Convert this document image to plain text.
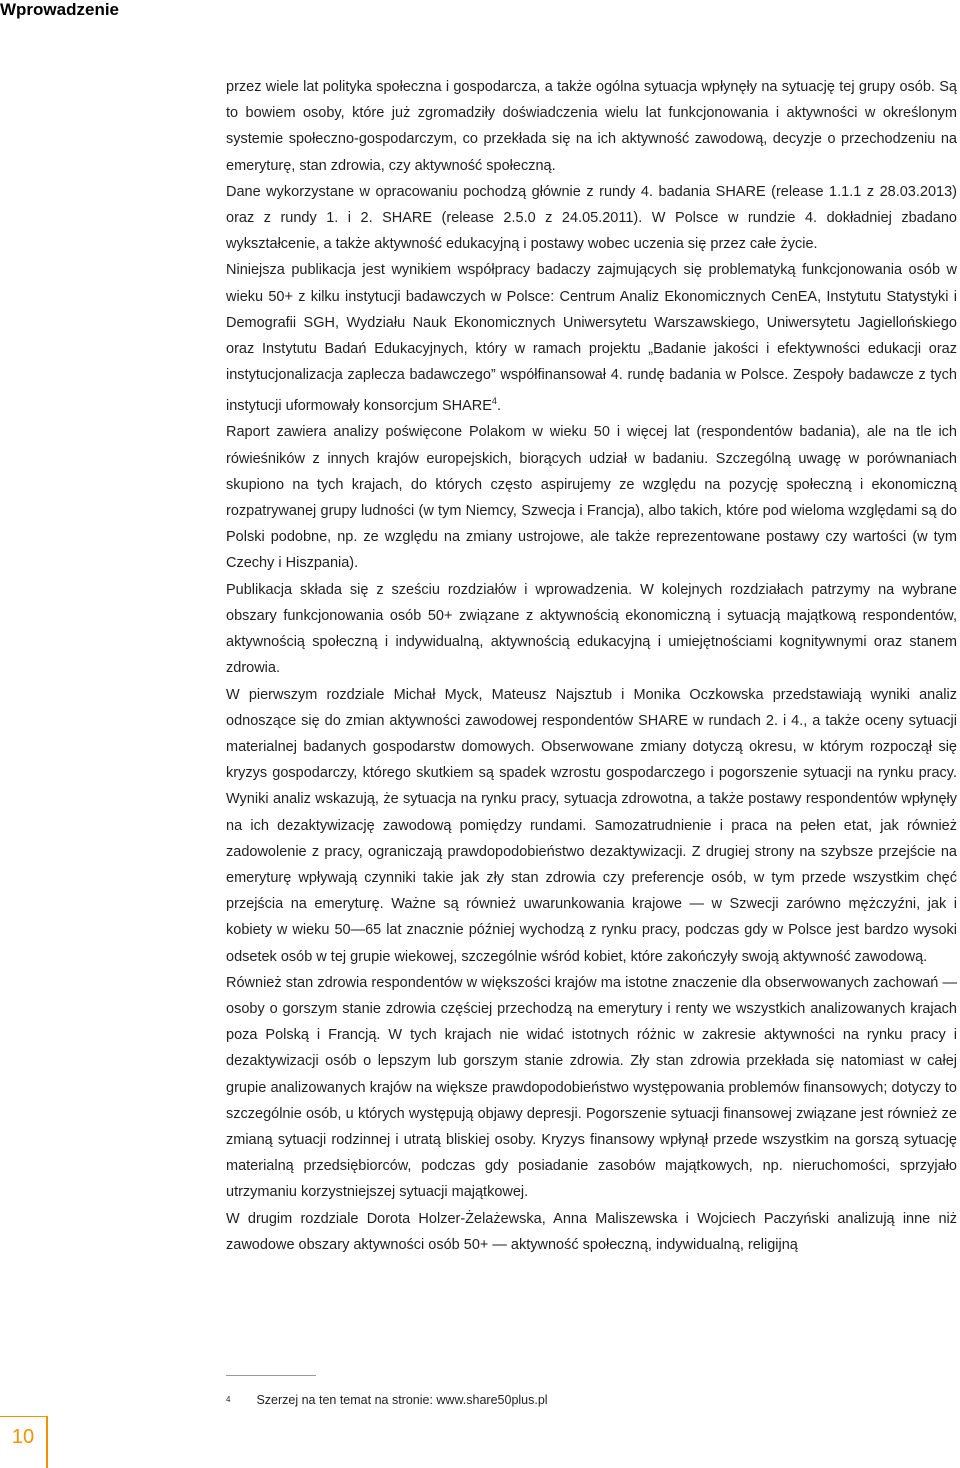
Wprowadzenie

przez wiele lat polityka społeczna i gospodarcza, a także ogólna sytuacja wpłynęły na sytuację tej grupy osób. Są to bowiem osoby, które już zgromadziły doświadczenia wielu lat funkcjonowania i aktywności w określonym systemie społeczno-gospodarczym, co przekłada się na ich aktywność zawodową, decyzje o przechodzeniu na emeryturę, stan zdrowia, czy aktywność społeczną.

Dane wykorzystane w opracowaniu pochodzą głównie z rundy 4. badania SHARE (release 1.1.1 z 28.03.2013) oraz z rundy 1. i 2. SHARE (release 2.5.0 z 24.05.2011). W Polsce w rundzie 4. dokładniej zbadano wykształcenie, a także aktywność edukacyjną i postawy wobec uczenia się przez całe życie.

Niniejsza publikacja jest wynikiem współpracy badaczy zajmujących się problematyką funkcjonowania osób w wieku 50+ z kilku instytucji badawczych w Polsce: Centrum Analiz Ekonomicznych CenEA, Instytutu Statystyki i Demografii SGH, Wydziału Nauk Ekonomicznych Uniwersytetu Warszawskiego, Uniwersytetu Jagiellońskiego oraz Instytutu Badań Edukacyjnych, który w ramach projektu „Badanie jakości i efektywności edukacji oraz instytucjonalizacja zaplecza badawczego” współfinansował 4. rundę badania w Polsce. Zespoły badawcze z tych instytucji uformowały konsorcjum SHARE$^4$.

Raport zawiera analizy poświęcone Polakom w wieku 50 i więcej lat (respondentów badania), ale na tle ich rówieśników z innych krajów europejskich, biorących udział w badaniu. Szczególną uwagę w porównaniach skupiono na tych krajach, do których często aspirujemy ze względu na pozycję społeczną i ekonomiczną rozpatrywanej grupy ludności (w tym Niemcy, Szwecja i Francja), albo takich, które pod wieloma względami są do Polski podobne, np. ze względu na zmiany ustrojowe, ale także reprezentowane postawy czy wartości (w tym Czechy i Hiszpania).

Publikacja składa się z sześciu rozdziałów i wprowadzenia. W kolejnych rozdziałach patrzymy na wybrane obszary funkcjonowania osób 50+ związane z aktywnością ekonomiczną i sytuacją majątkową respondentów, aktywnością społeczną i indywidualną, aktywnością edukacyjną i umiejętnościami kognitywnymi oraz stanem zdrowia.

W pierwszym rozdziale Michał Myck, Mateusz Najsztub i Monika Oczkowska przedstawiają wyniki analiz odnoszące się do zmian aktywności zawodowej respondentów SHARE w rundach 2. i 4., a także oceny sytuacji materialnej badanych gospodarstw domowych. Obserwowane zmiany dotyczą okresu, w którym rozpoczął się kryzys gospodarczy, którego skutkiem są spadek wzrostu gospodarczego i pogorszenie sytuacji na rynku pracy. Wyniki analiz wskazują, że sytuacja na rynku pracy, sytuacja zdrowotna, a także postawy respondentów wpłynęły na ich dezaktywizację zawodową pomiędzy rundami. Samozatrudnienie i praca na pełen etat, jak również zadowolenie z pracy, ograniczają prawdopodobieństwo dezaktywizacji. Z drugiej strony na szybsze przejście na emeryturę wpływają czynniki takie jak zły stan zdrowia czy preferencje osób, w tym przede wszystkim chęć przejścia na emeryturę. Ważne są również uwarunkowania krajowe — w Szwecji zarówno mężczyźni, jak i kobiety w wieku 50—65 lat znacznie później wychodzą z rynku pracy, podczas gdy w Polsce jest bardzo wysoki odsetek osób w tej grupie wiekowej, szczególnie wśród kobiet, które zakończyły swoją aktywność zawodową.

Również stan zdrowia respondentów w większości krajów ma istotne znaczenie dla obserwowanych zachowań — osoby o gorszym stanie zdrowia częściej przechodzą na emerytury i renty we wszystkich analizowanych krajach poza Polską i Francją. W tych krajach nie widać istotnych różnic w zakresie aktywności na rynku pracy i dezaktywizacji osób o lepszym lub gorszym stanie zdrowia. Zły stan zdrowia przekłada się natomiast w całej grupie analizowanych krajów na większe prawdopodobieństwo występowania problemów finansowych; dotyczy to szczególnie osób, u których występują objawy depresji. Pogorszenie sytuacji finansowej związane jest również ze zmianą sytuacji rodzinnej i utratą bliskiej osoby. Kryzys finansowy wpłynął przede wszystkim na gorszą sytuację materialną przedsiębiorców, podczas gdy posiadanie zasobów majątkowych, np. nieruchomości, sprzyjało utrzymaniu korzystniejszej sytuacji majątkowej.

W drugim rozdziale Dorota Holzer-Żelażewska, Anna Maliszewska i Wojciech Paczyński analizują inne niż zawodowe obszary aktywności osób 50+ — aktywność społeczną, indywidualną, religijną

$^4$ Szerzej na ten temat na stronie: www.share50plus.pl
10
